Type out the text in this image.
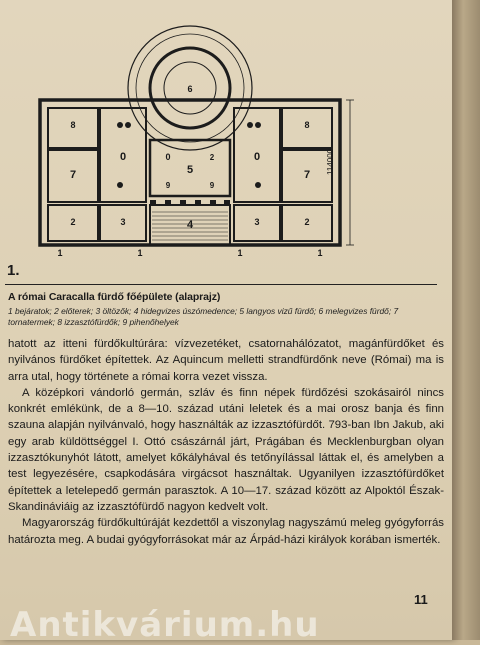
6
5
4
7	7
0	0
0
8	8
2	2
3	3
9	9
2
1	1	1	1
114000
1.
A római Caracalla fürdő főépülete (alaprajz)
1 bejáratok; 2 előterek; 3 öltözők; 4 hidegvizes úszómedence; 5 langyos vizű fürdő; 6 melegvizes fürdő; 7 tornatermek; 8 izzasztófürdők; 9 pihenőhelyek

hatott az itteni fürdőkultúrára: vízvezetéket, csatornahálózatot, magánfürdőket és nyilvános fürdőket építettek. Az Aquincum melletti strandfürdőnk neve (Római) ma is arra utal, hogy története a római korra vezet vissza.

A középkori vándorló germán, szláv és finn népek fürdőzési szokásairól nincs konkrét emlékünk, de a 8—10. század utáni leletek és a mai orosz banja és finn szauna alapján nyilvánvaló, hogy használták az izzasztófürdőt. 793-ban Ibn Jakub, aki egy arab küldöttséggel I. Ottó császárnál járt, Prágában és Mecklenburgban olyan izzasztókunyhót látott, amelyet kőkályhával és tetőnyílással láttak el, és amelyben a test legyezésére, csapkodására virgácsot használtak. Ugyanilyen izzasztófürdőket építettek a letelepedő germán parasztok. A 10—17. század között az Alpoktól Észak-Skandináviáig az izzasztófürdő nagyon kedvelt volt.

Magyarország fürdőkultúráját kezdettől a viszonylag nagyszámú meleg gyógyforrás határozta meg. A budai gyógyforrásokat már az Árpád-házi királyok korában ismerték.

11
Antikvárium.hu
